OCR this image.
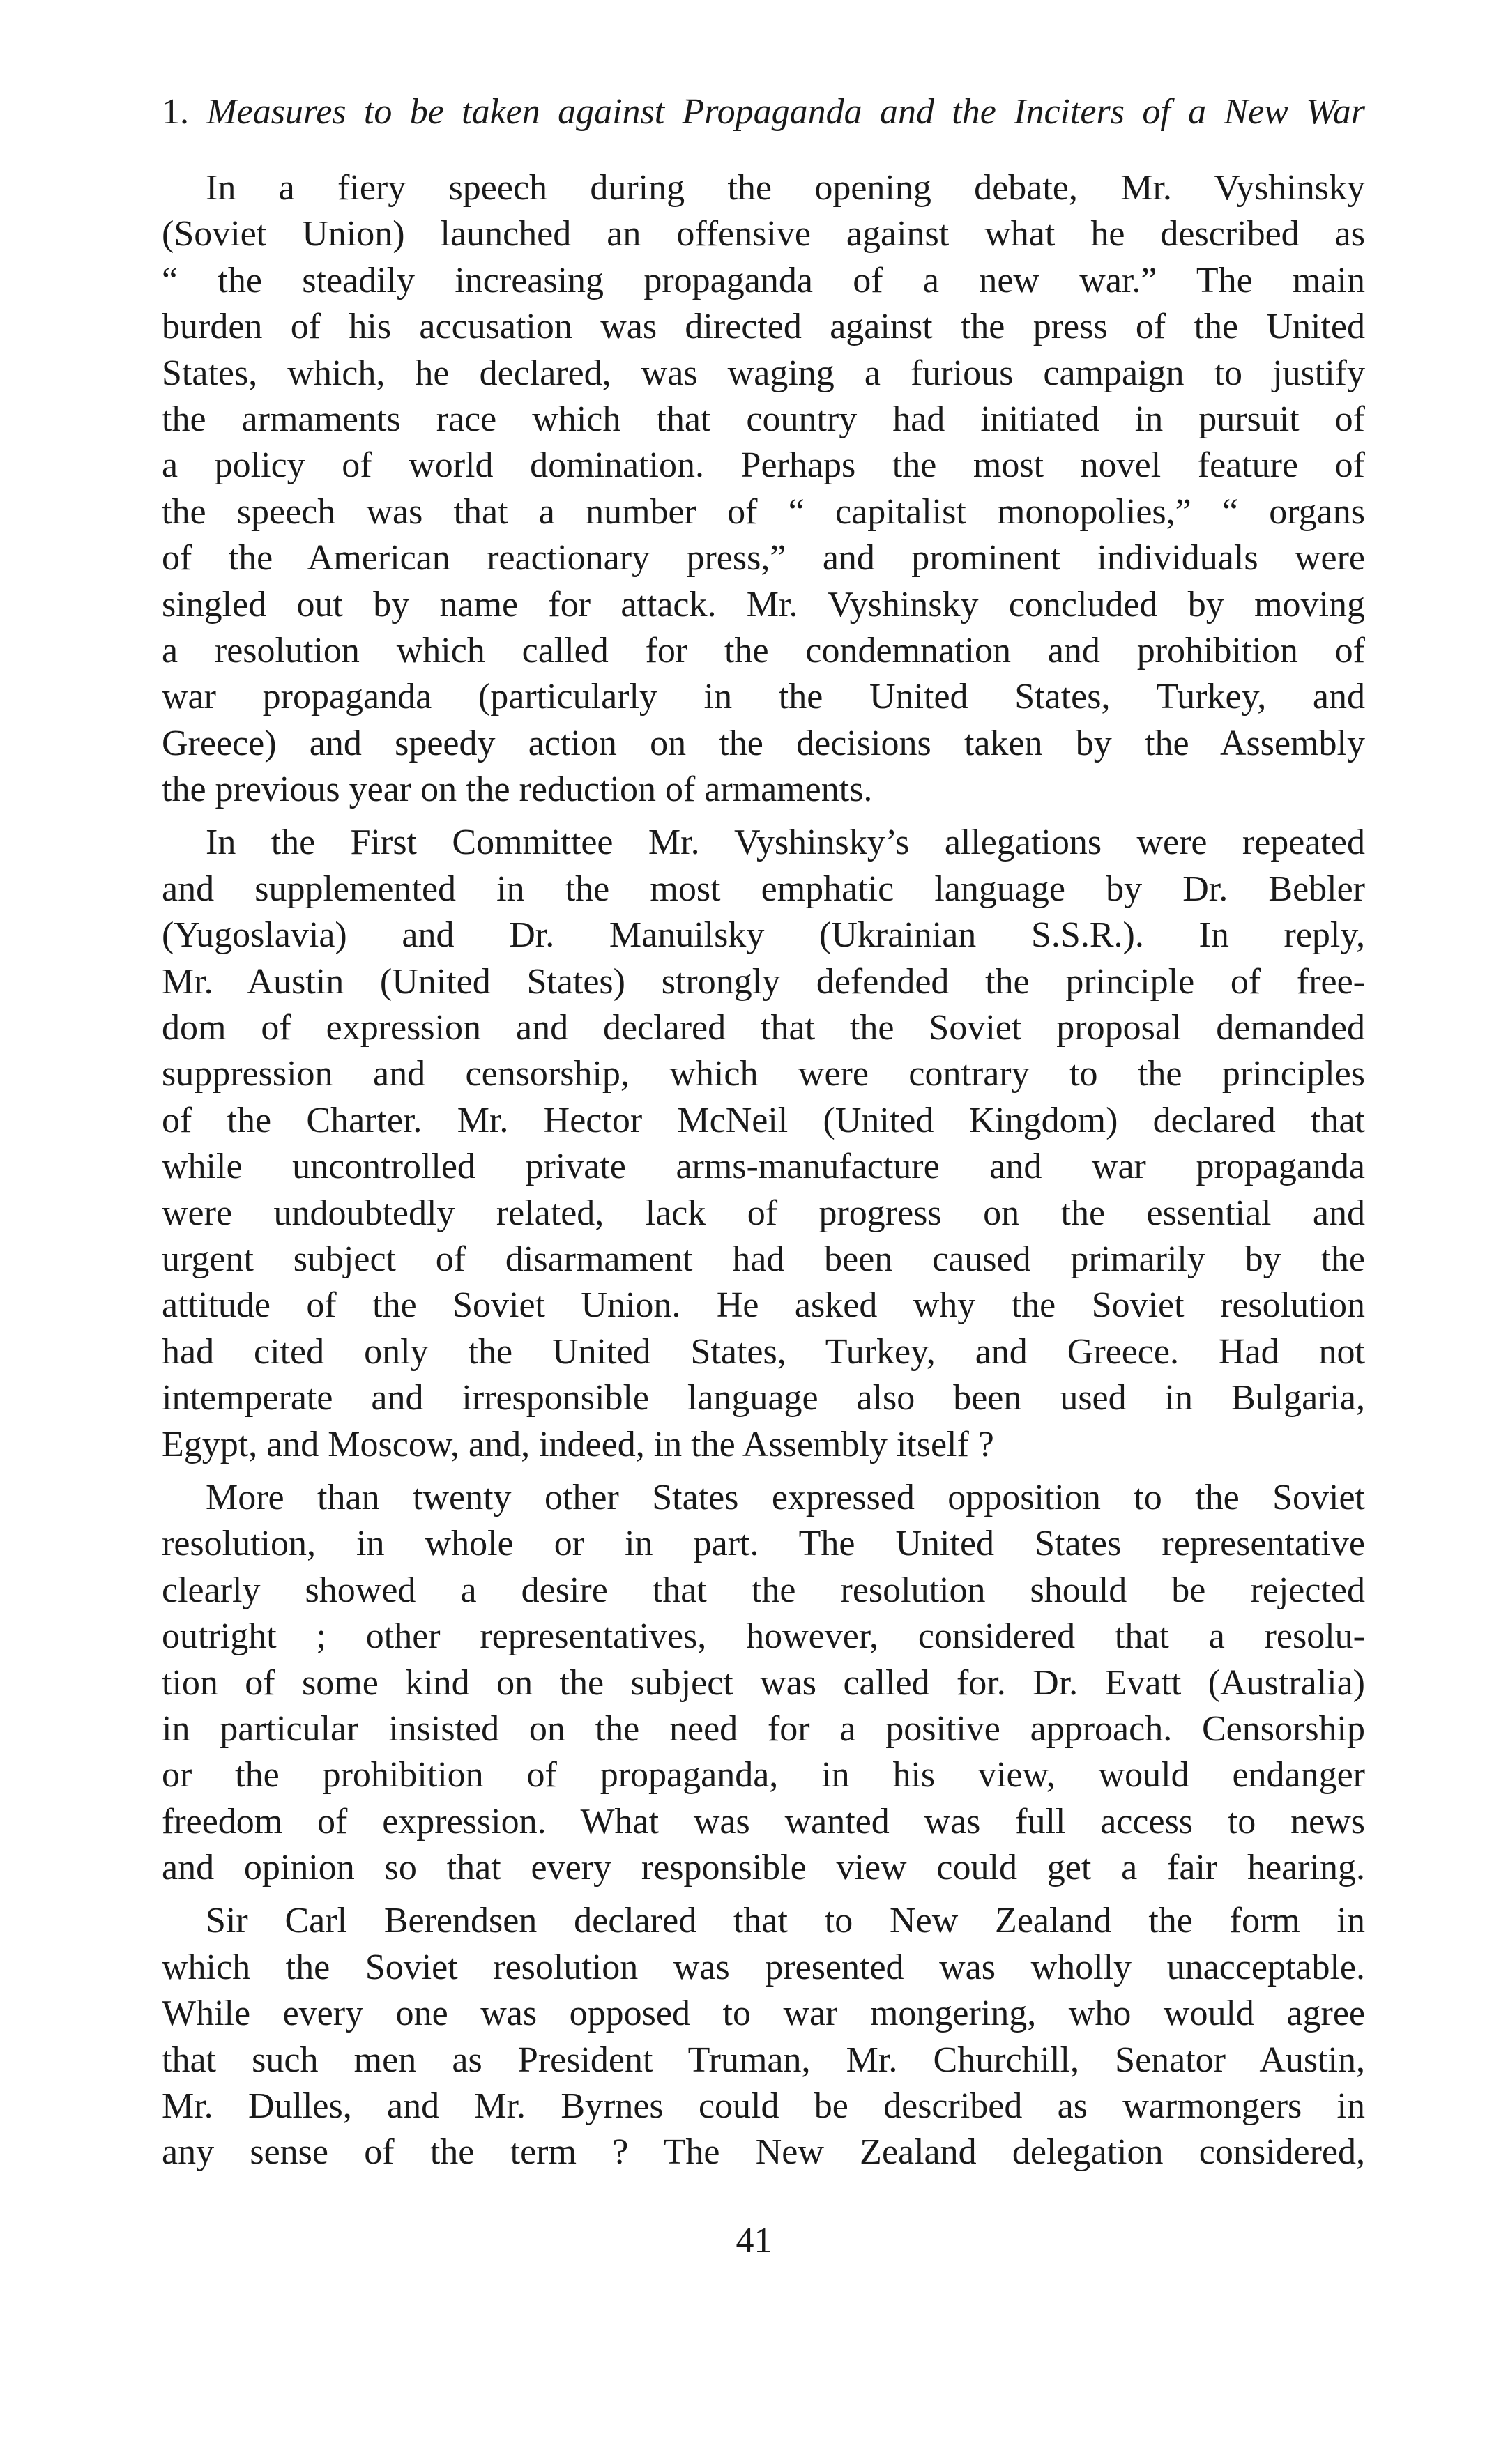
1. Measures to be taken against Propaganda and the Inciters of a New War
In a fiery speech during the opening debate, Mr. Vyshinsky
(Soviet Union) launched an offensive against what he described as
“ the steadily increasing propaganda of a new war.” The main
burden of his accusation was directed against the press of the United
States, which, he declared, was waging a furious campaign to justify
the armaments race which that country had initiated in pursuit of
a policy of world domination. Perhaps the most novel feature of
the speech was that a number of “ capitalist monopolies,” “ organs
of the American reactionary press,” and prominent individuals were
singled out by name for attack. Mr. Vyshinsky concluded by moving
a resolution which called for the condemnation and prohibition of
war propaganda (particularly in the United States, Turkey, and
Greece) and speedy action on the decisions taken by the Assembly
the previous year on the reduction of armaments.
In the First Committee Mr. Vyshinsky’s allegations were repeated
and supplemented in the most emphatic language by Dr. Bebler
(Yugoslavia) and Dr. Manuilsky (Ukrainian S.S.R.). In reply,
Mr. Austin (United States) strongly defended the principle of free-
dom of expression and declared that the Soviet proposal demanded
suppression and censorship, which were contrary to the principles
of the Charter. Mr. Hector McNeil (United Kingdom) declared that
while uncontrolled private arms-manufacture and war propaganda
were undoubtedly related, lack of progress on the essential and
urgent subject of disarmament had been caused primarily by the
attitude of the Soviet Union. He asked why the Soviet resolution
had cited only the United States, Turkey, and Greece. Had not
intemperate and irresponsible language also been used in Bulgaria,
Egypt, and Moscow, and, indeed, in the Assembly itself ?
More than twenty other States expressed opposition to the Soviet
resolution, in whole or in part. The United States representative
clearly showed a desire that the resolution should be rejected
outright ; other representatives, however, considered that a resolu-
tion of some kind on the subject was called for. Dr. Evatt (Australia)
in particular insisted on the need for a positive approach. Censorship
or the prohibition of propaganda, in his view, would endanger
freedom of expression. What was wanted was full access to news
and opinion so that every responsible view could get a fair hearing.
Sir Carl Berendsen declared that to New Zealand the form in
which the Soviet resolution was presented was wholly unacceptable.
While every one was opposed to war mongering, who would agree
that such men as President Truman, Mr. Churchill, Senator Austin,
Mr. Dulles, and Mr. Byrnes could be described as warmongers in
any sense of the term ? The New Zealand delegation considered,
41
